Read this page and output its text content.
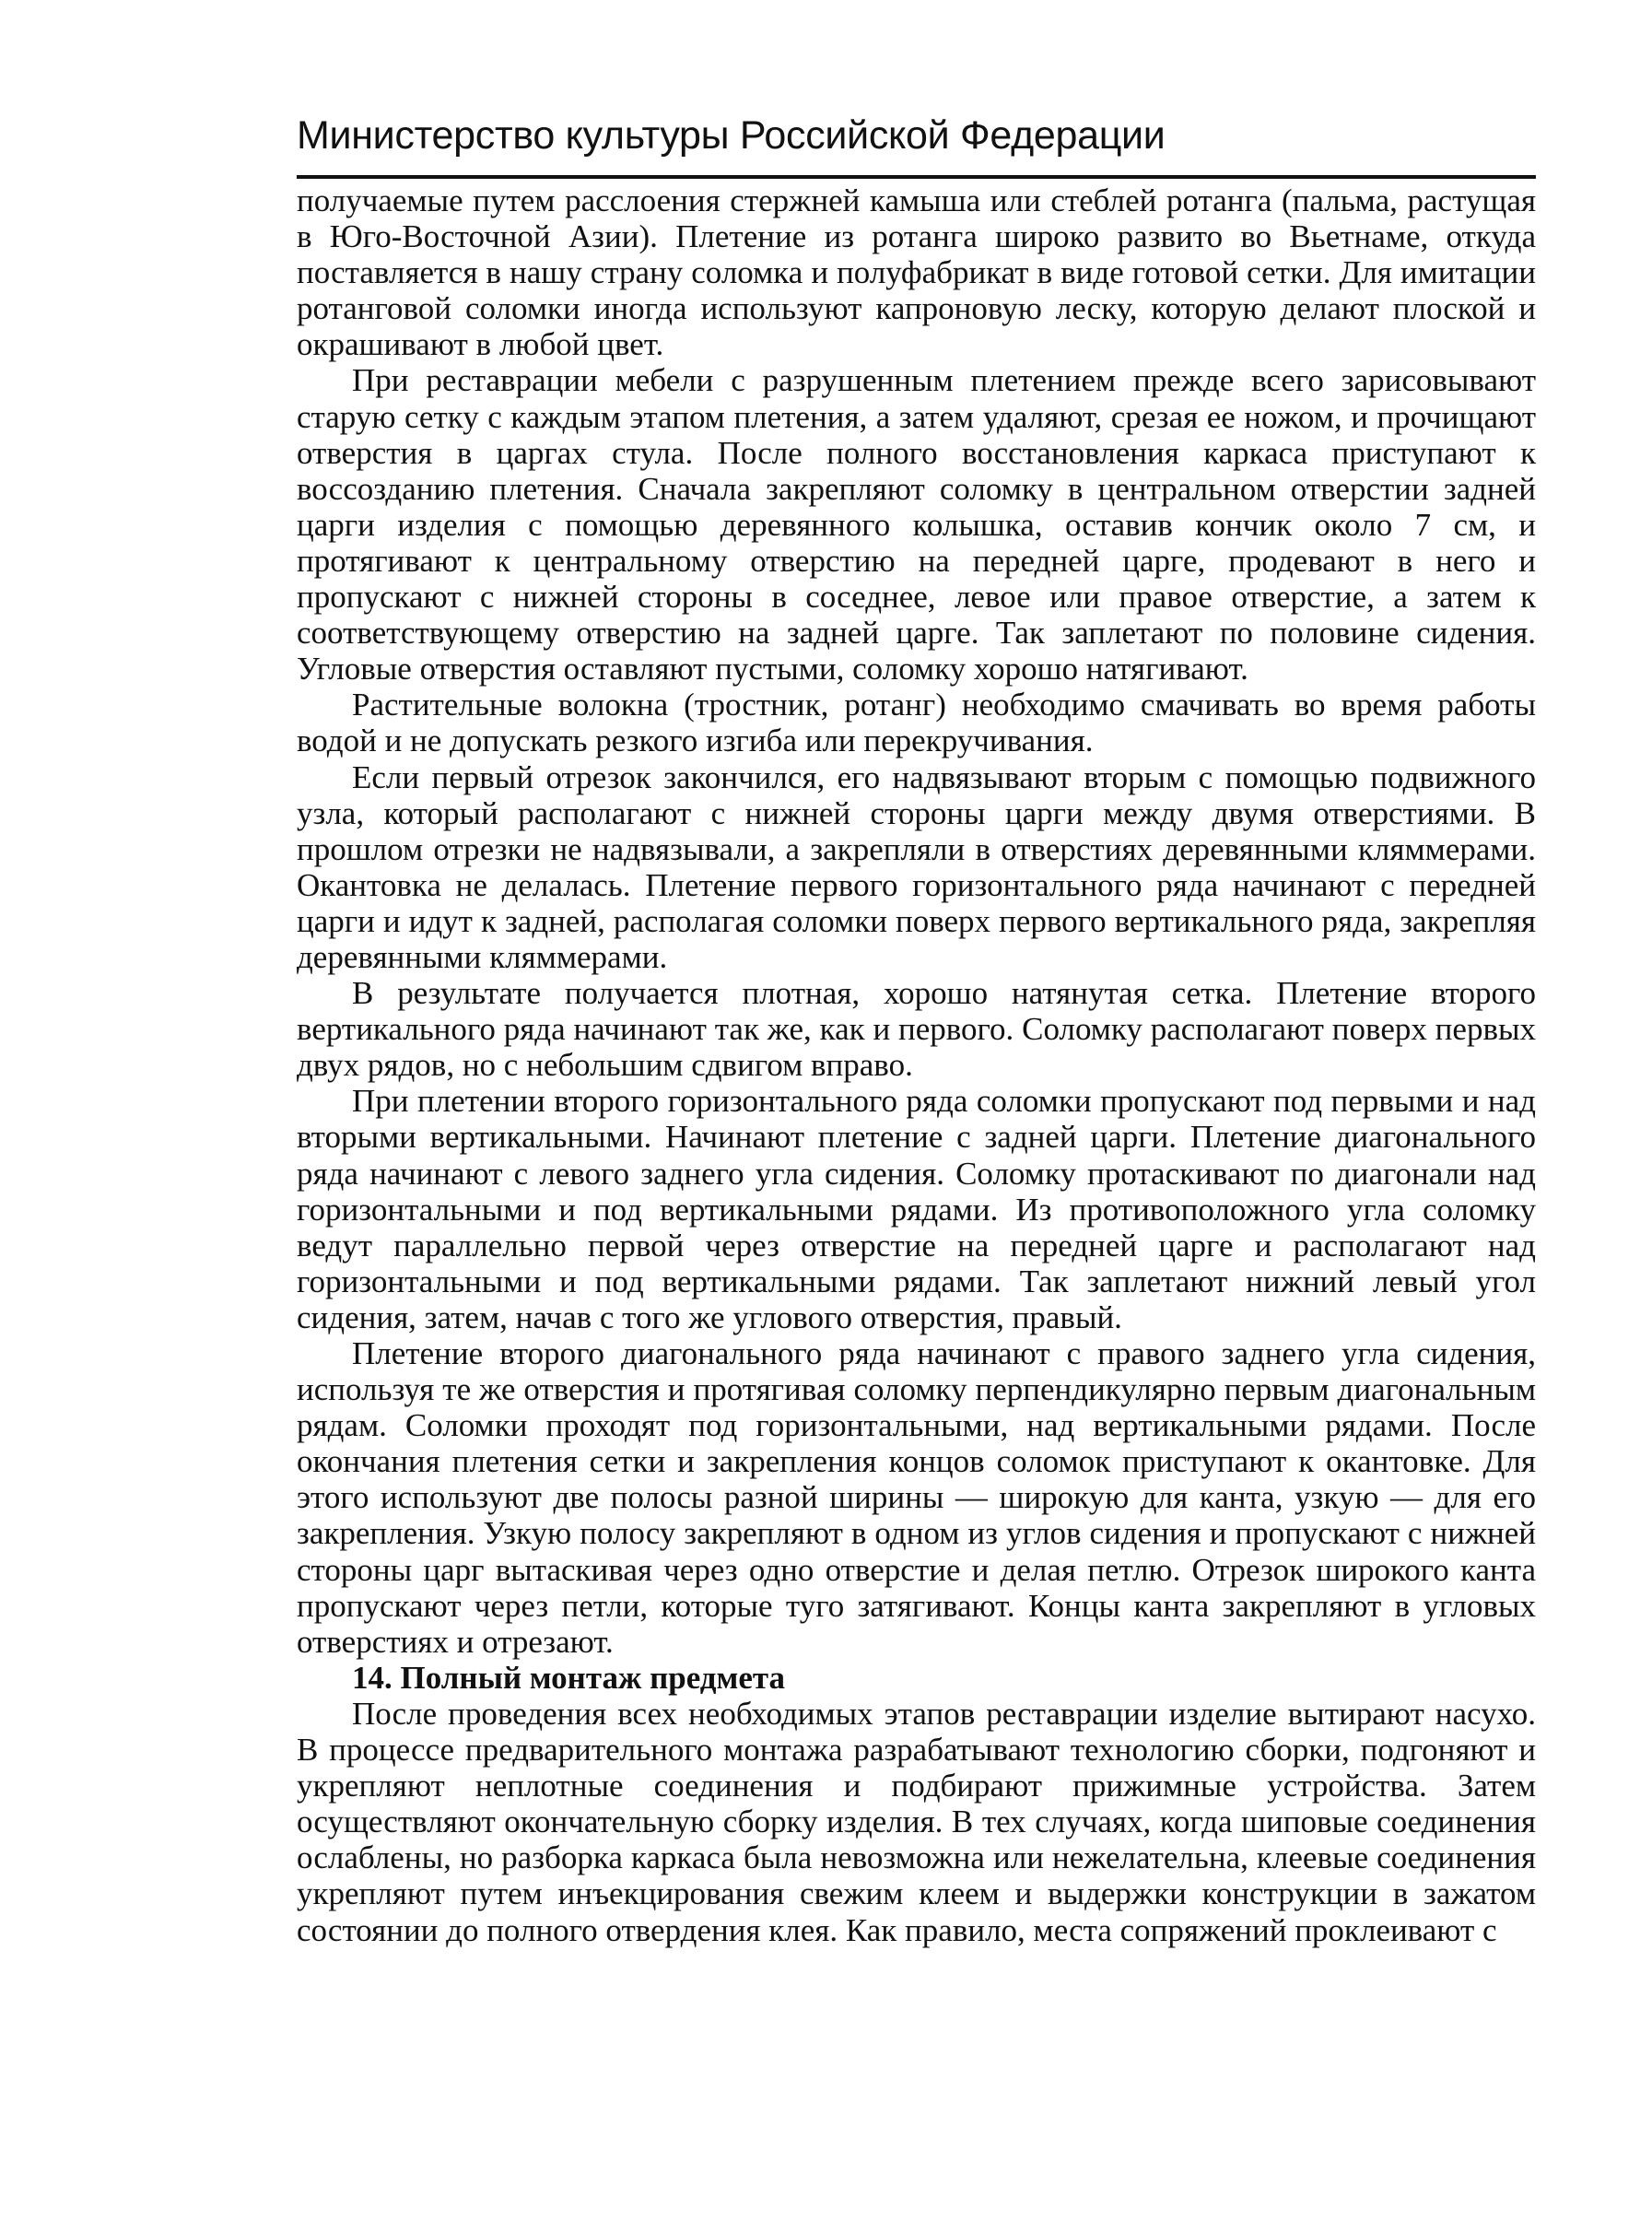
Министерство культуры Российской Федерации

получаемые путем расслоения стержней камыша или стеблей ротанга (пальма, растущая в Юго-Восточной Азии). Плетение из ротанга широко развито во Вьетнаме, откуда поставляется в нашу страну соломка и полуфабрикат в виде готовой сетки. Для имитации ротанговой соломки иногда используют капроновую леску, которую делают плоской и окрашивают в любой цвет.

При реставрации мебели с разрушенным плетением прежде всего зарисовывают старую сетку с каждым этапом плетения, а затем удаляют, срезая ее ножом, и прочищают отверстия в царгах стула. После полного восстановления каркаса приступают к воссозданию плетения. Сначала закрепляют соломку в центральном отверстии задней царги изделия с помощью деревянного колышка, оставив кончик около 7 см, и протягивают к центральному отверстию на передней царге, продевают в него и пропускают с нижней стороны в соседнее, левое или правое отверстие, а затем к соответствующему отверстию на задней царге. Так заплетают по половине сидения. Угловые отверстия оставляют пустыми, соломку хорошо натягивают.

Растительные волокна (тростник, ротанг) необходимо смачивать во время работы водой и не допускать резкого изгиба или перекручивания.

Если первый отрезок закончился, его надвязывают вторым с помощью подвижного узла, который располагают с нижней стороны царги между двумя отверстиями. В прошлом отрезки не надвязывали, а закрепляли в отверстиях деревянными кляммерами. Окантовка не делалась. Плетение первого горизонтального ряда начинают с передней царги и идут к задней, располагая соломки поверх первого вертикального ряда, закрепляя деревянными кляммерами.

В результате получается плотная, хорошо натянутая сетка. Плетение второго вертикального ряда начинают так же, как и первого. Соломку располагают поверх первых двух рядов, но с небольшим сдвигом вправо.

При плетении второго горизонтального ряда соломки пропускают под первыми и над вторыми вертикальными. Начинают плетение с задней царги. Плетение диагонального ряда начинают с левого заднего угла сидения. Соломку протаскивают по диагонали над горизонтальными и под вертикальными рядами. Из противоположного угла соломку ведут параллельно первой через отверстие на передней царге и располагают над горизонтальными и под вертикальными рядами. Так заплетают нижний левый угол сидения, затем, начав с того же углового отверстия, правый.

Плетение второго диагонального ряда начинают с правого заднего угла сидения, используя те же отверстия и протягивая соломку перпендикулярно первым диагональным рядам. Соломки проходят под горизонтальными, над вертикальными рядами. После окончания плетения сетки и закрепления концов соломок приступают к окантовке. Для этого используют две полосы разной ширины — широкую для канта, узкую — для его закрепления. Узкую полосу закрепляют в одном из углов сидения и пропускают с нижней стороны царг вытаскивая через одно отверстие и делая петлю. Отрезок широкого канта пропускают через петли, которые туго затягивают. Концы канта закрепляют в угловых отверстиях и отрезают.

14. Полный монтаж предмета

После проведения всех необходимых этапов реставрации изделие вытирают насухо. В процессе предварительного монтажа разрабатывают технологию сборки, подгоняют и укрепляют неплотные соединения и подбирают прижимные устройства. Затем осуществляют окончательную сборку изделия. В тех случаях, когда шиповые соединения ослаблены, но разборка каркаса была невозможна или нежелательна, клеевые соединения укрепляют путем инъекцирования свежим клеем и выдержки конструкции в зажатом состоянии до полного отвердения клея. Как правило, места сопряжений проклеивают с
